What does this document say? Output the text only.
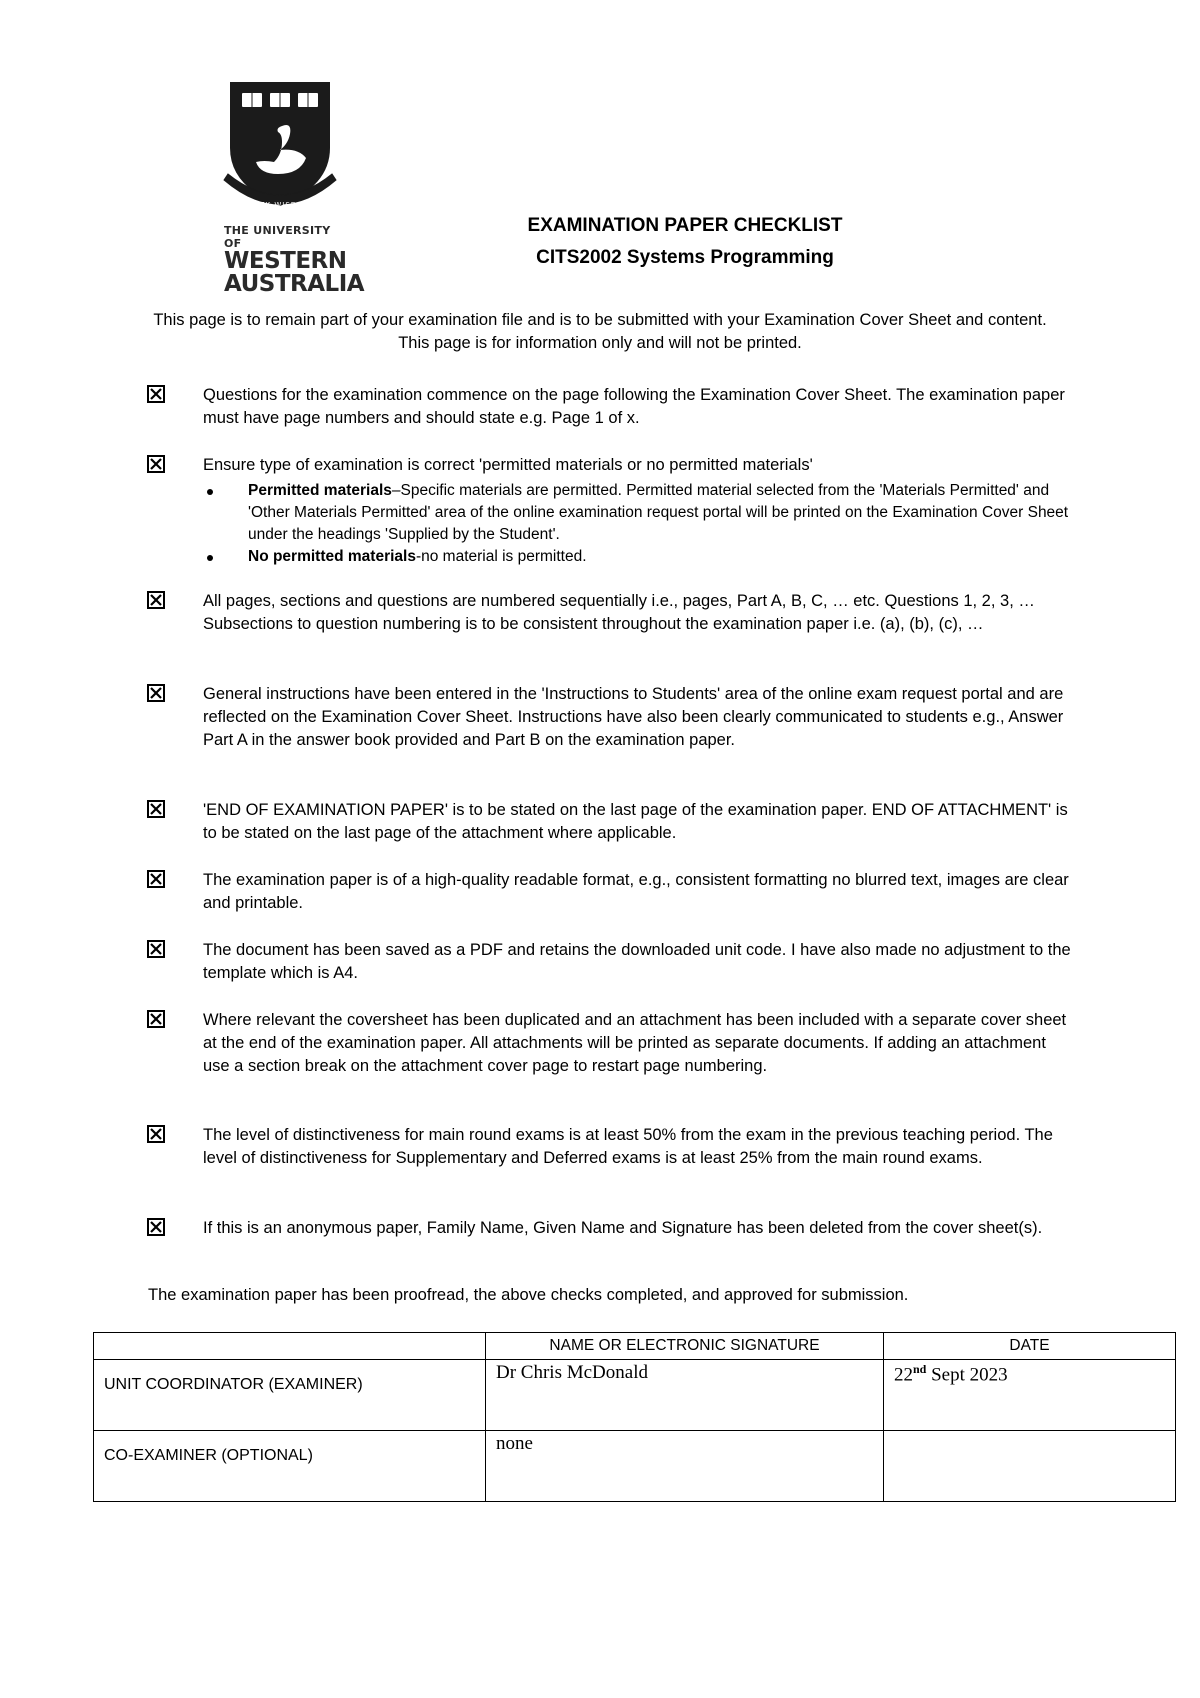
SEEK WISDOM
THE UNIVERSITY OF
WESTERN
AUSTRALIA
EXAMINATION PAPER CHECKLIST
CITS2002 Systems Programming
This page is to remain part of your examination file and is to be submitted with your Examination Cover Sheet and content. This page is for information only and will not be printed.
Questions for the examination commence on the page following the Examination Cover Sheet. The examination paper must have page numbers and should state e.g. Page 1 of x.
Ensure type of examination is correct 'permitted materials or no permitted materials'
Permitted materials–Specific materials are permitted. Permitted material selected from the 'Materials Permitted' and 'Other Materials Permitted' area of the online examination request portal will be printed on the Examination Cover Sheet under the headings 'Supplied by the Student'.
No permitted materials-no material is permitted.
All pages, sections and questions are numbered sequentially i.e., pages, Part A, B, C, … etc. Questions 1, 2, 3, … Subsections to question numbering is to be consistent throughout the examination paper i.e. (a), (b), (c), …
General instructions have been entered in the 'Instructions to Students' area of the online exam request portal and are reflected on the Examination Cover Sheet. Instructions have also been clearly communicated to students e.g., Answer Part A in the answer book provided and Part B on the examination paper.
'END OF EXAMINATION PAPER' is to be stated on the last page of the examination paper. END OF ATTACHMENT' is to be stated on the last page of the attachment where applicable.
The examination paper is of a high-quality readable format, e.g., consistent formatting no blurred text, images are clear and printable.
The document has been saved as a PDF and retains the downloaded unit code. I have also made no adjustment to the template which is A4.
Where relevant the coversheet has been duplicated and an attachment has been included with a separate cover sheet at the end of the examination paper. All attachments will be printed as separate documents. If adding an attachment use a section break on the attachment cover page to restart page numbering.
The level of distinctiveness for main round exams is at least 50% from the exam in the previous teaching period. The level of distinctiveness for Supplementary and Deferred exams is at least 25% from the main round exams.
If this is an anonymous paper, Family Name, Given Name and Signature has been deleted from the cover sheet(s).
The examination paper has been proofread, the above checks completed, and approved for submission.
	NAME OR ELECTRONIC SIGNATURE	DATE
UNIT COORDINATOR (EXAMINER)	Dr Chris McDonald	22nd Sept 2023
CO-EXAMINER (OPTIONAL)	none	
